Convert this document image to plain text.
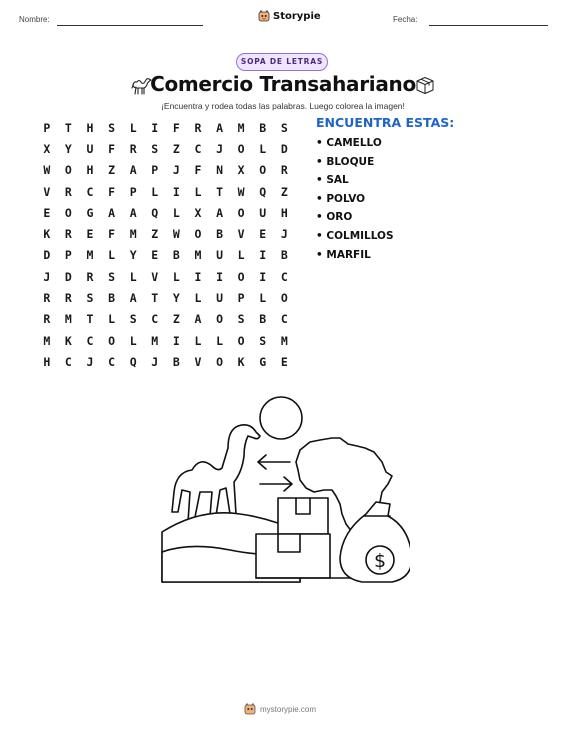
Nombre:	Storypie	Fecha:
SOPA DE LETRAS
Comercio Transahariano
¡Encuentra y rodea todas las palabras. Luego colorea la imagen!
P	T	H	S	L	I	F	R	A	M	B	S
X	Y	U	F	R	S	Z	C	J	O	L	D
W	O	H	Z	A	P	J	F	N	X	O	R
V	R	C	F	P	L	I	L	T	W	Q	Z
E	O	G	A	A	Q	L	X	A	O	U	H
K	R	E	F	M	Z	W	O	B	V	E	J
D	P	M	L	Y	E	B	M	U	L	I	B
J	D	R	S	L	V	L	I	I	O	I	C
R	R	S	B	A	T	Y	L	U	P	L	O
R	M	T	L	S	C	Z	A	O	S	B	C
M	K	C	O	L	M	I	L	L	O	S	M
H	C	J	C	Q	J	B	V	O	K	G	E
ENCUENTRA ESTAS:
• CAMELLO
• BLOQUE
• SAL
• POLVO
• ORO
• COLMILLOS
• MARFIL
$
mystorypie.com
